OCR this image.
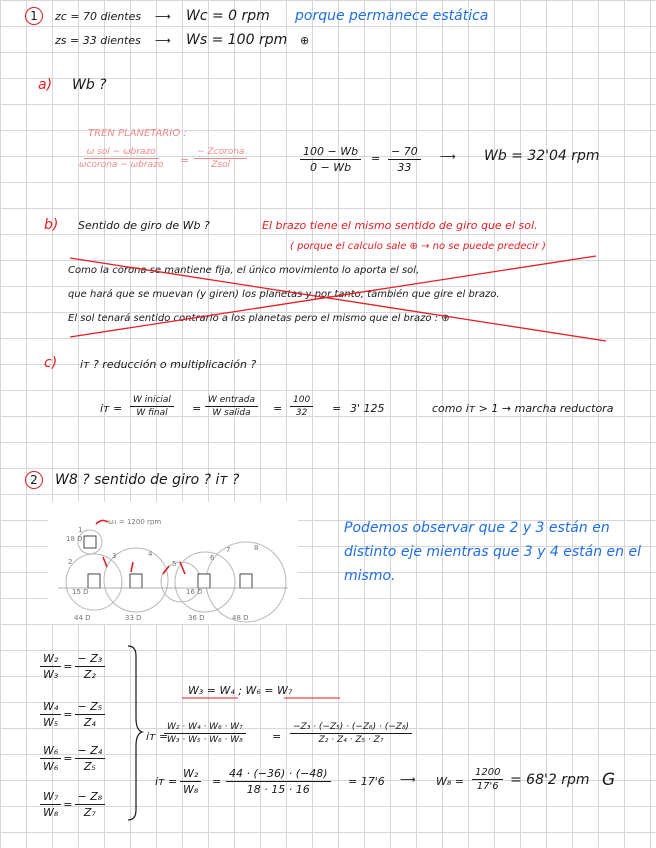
1	zc = 70 dientes ⟶ Wc = 0 rpm porque permanece estática
zs = 33 dientes ⟶ Ws = 100 rpm ⊕
a) Wb ?
TREN PLANETARIO :
ω sol − ωbrazo
ωcorona − ωbrazo =
− Zcorona
Zsol	$\frac{100 - Wb}{0 - Wb} = \frac{- 70}{33}$ ⟶ Wb = 32'04 rpm
b) Sentido de giro de Wb ?	El brazo tiene el mismo sentido de giro que el sol.
( porque el calculo sale ⊕ → no se puede predecir )
Como la corona se mantiene fija, el único movimiento lo aporta el sol,
que hará que se muevan (y giren) los planetas y por tanto, también que gire el brazo.
El sol tenará sentido contrario a los planetas pero el mismo que el brazo : ⊕
c) iт ? reducción o multiplicación ?
iт =
W inicial
W final =
W entrada
W salida = $\frac{100}{32} = 3'$ 125	como iт > 1 → marcha reductora
2	W8 ? sentido de giro ? iт ?
ω₁ = 1200 rpm
18 D
15 D
44 D	33 D
16 D
36 D	48 D
1
2
3	4
5
6
7	8
Podemos observar que 2 y 3 están en distinto eje mientras que 3 y 4 están en el mismo.
$\frac{\text{W₂}}{\text{W₃}} = \frac{\text{− Z₃}}{\text{Z₂}}$
$\frac{\text{W₄}}{\text{W₅}} = \frac{\text{− Z₅}}{\text{Z₄}}$
$\frac{\text{W₆}}{\text{W₆}} = \frac{\text{− Z₄}}{\text{Z₅}}$
$\frac{\text{W₇}}{\text{W₈}} = \frac{\text{− Z₈}}{\text{Z₇}}$
W₃ = W₄ ; W₆ = W₇
iт =
$\frac{\text{W₂ · W₄ · W₆ · W₇}}{\text{W₃ · W₅ · W₆ · W₈}} = \frac{\text{−Z₃ · (−Z₅) · (−Z₆) · (−Z₈)}}{\text{Z₂ · Z₄ · Z₅ · Z₇}}$
iт = $\frac{\text{W₂}}{\text{W₈}} = \frac{44 \cdot (-36) \cdot (-48)}{18 \cdot 15 \cdot 16} = 17'6$ ⟶ $W_8 = \frac{1200}{17'6} = 68'2$ rpm G
